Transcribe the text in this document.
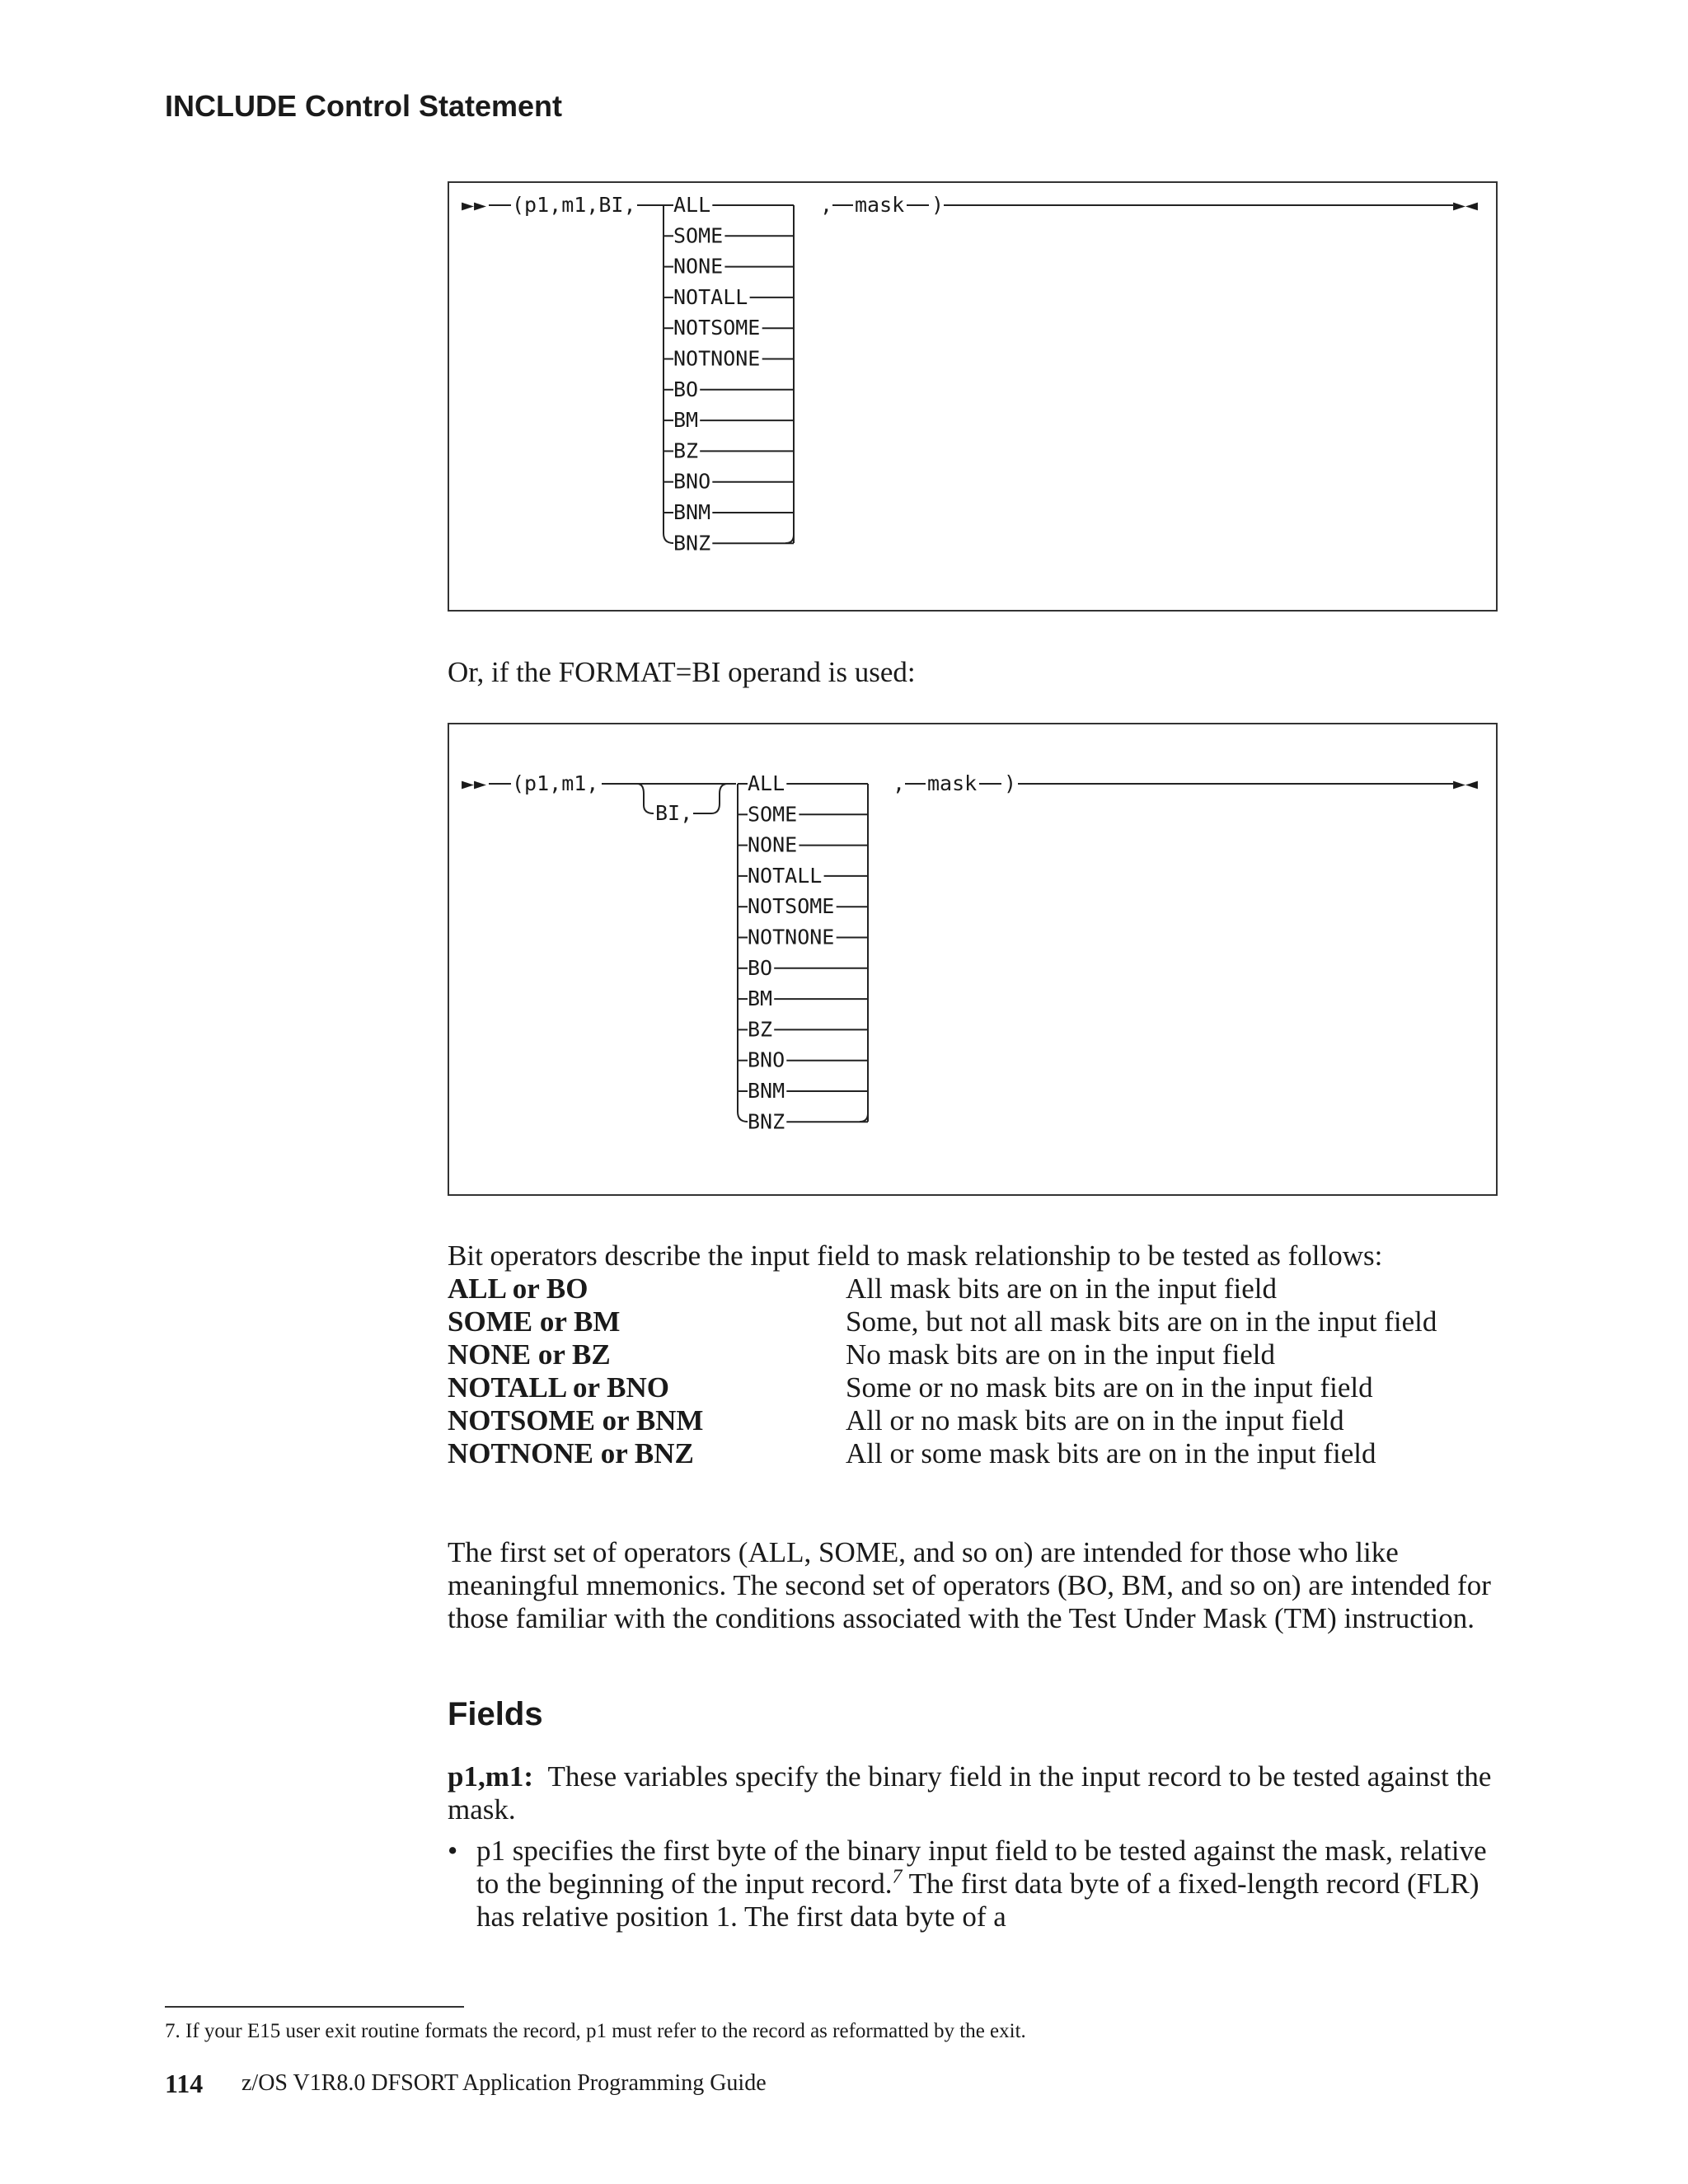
INCLUDE Control Statement
►► (p1,m1,BI, ALL
SOME
NONE
NOTALL
NOTSOME
NOTNONE
BO
BM
BZ
BNO
BNM
BNZ
, mask )	►◄
Or, if the FORMAT=BI operand is used:
►► (p1,m1,
BI,
ALL
SOME
NONE
NOTALL
NOTSOME
NOTNONE
BO
BM
BZ
BNO
BNM
BNZ
, mask )	►◄
Bit operators describe the input field to mask relationship to be tested as follows:
ALL or BO	All mask bits are on in the input field
SOME or BM	Some, but not all mask bits are on in the input field
NONE or BZ	No mask bits are on in the input field
NOTALL or BNO	Some or no mask bits are on in the input field
NOTSOME or BNM	All or no mask bits are on in the input field
NOTNONE or BNZ	All or some mask bits are on in the input field
The first set of operators (ALL, SOME, and so on) are intended for those who like meaningful mnemonics. The second set of operators (BO, BM, and so on) are intended for those familiar with the conditions associated with the Test Under Mask (TM) instruction.
Fields
p1,m1: These variables specify the binary field in the input record to be tested against the mask.
• p1 specifies the first byte of the binary input field to be tested against the mask, relative to the beginning of the input record.$^7$ The first data byte of a fixed-length record (FLR) has relative position 1. The first data byte of a
7. If your E15 user exit routine formats the record, p1 must refer to the record as reformatted by the exit.
114 z/OS V1R8.0 DFSORT Application Programming Guide
